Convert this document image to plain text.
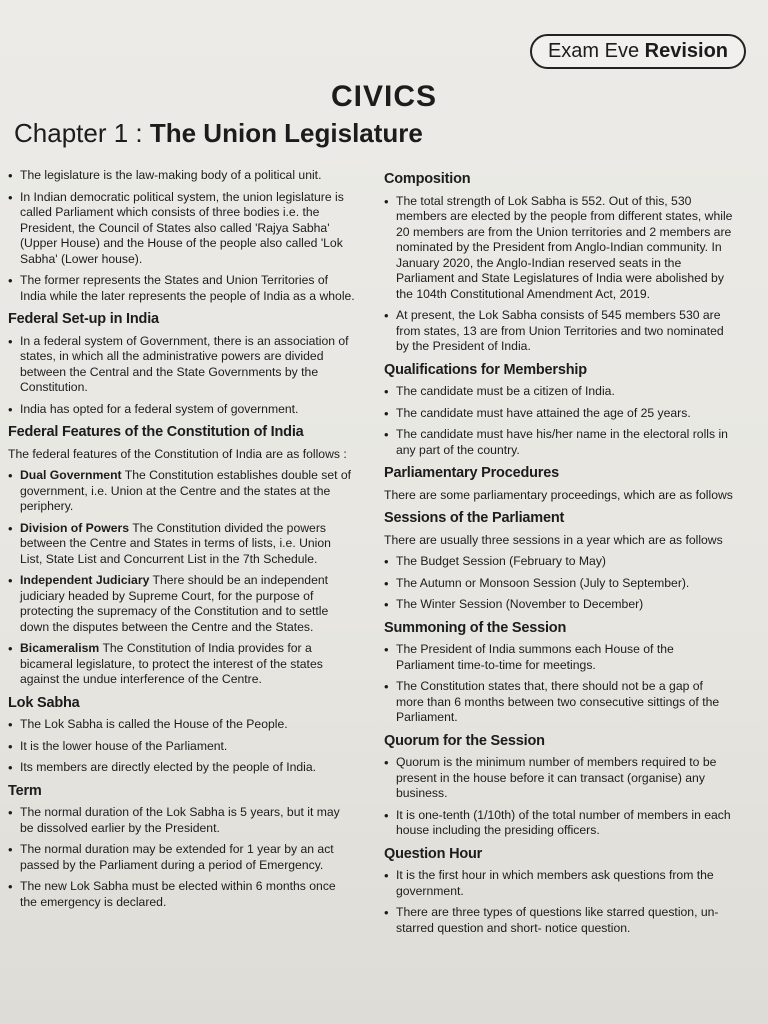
Exam Eve Revision
CIVICS
Chapter 1 : The Union Legislature
• The legislature is the law-making body of a political unit.
• In Indian democratic political system, the union legislature is called Parliament which consists of three bodies i.e. the President, the Council of States also called 'Rajya Sabha' (Upper House) and the House of the people also called 'Lok Sabha' (Lower house).
• The former represents the States and Union Territories of India while the later represents the people of India as a whole.
Federal Set-up in India
• In a federal system of Government, there is an association of states, in which all the administrative powers are divided between the Central and the State Governments by the Constitution.
• India has opted for a federal system of government.
Federal Features of the Constitution of India

The federal features of the Constitution of India are as follows :

• Dual Government The Constitution establishes double set of government, i.e. Union at the Centre and the states at the periphery.
• Division of Powers The Constitution divided the powers between the Centre and States in terms of lists, i.e. Union List, State List and Concurrent List in the 7th Schedule.
• Independent Judiciary There should be an independent judiciary headed by Supreme Court, for the purpose of protecting the supremacy of the Constitution and to settle down the disputes between the Centre and the States.
• Bicameralism The Constitution of India provides for a bicameral legislature, to protect the interest of the states against the undue interference of the Centre.
Lok Sabha
• The Lok Sabha is called the House of the People.
• It is the lower house of the Parliament.
• Its members are directly elected by the people of India.
Term
• The normal duration of the Lok Sabha is 5 years, but it may be dissolved earlier by the President.
• The normal duration may be extended for 1 year by an act passed by the Parliament during a period of Emergency.
• The new Lok Sabha must be elected within 6 months once the emergency is declared.
Composition
• The total strength of Lok Sabha is 552. Out of this, 530 members are elected by the people from different states, while 20 members are from the Union territories and 2 members are nominated by the President from Anglo-Indian community. In January 2020, the Anglo-Indian reserved seats in the Parliament and State Legislatures of India were abolished by the 104th Constitutional Amendment Act, 2019.
• At present, the Lok Sabha consists of 545 members 530 are from states, 13 are from Union Territories and two nominated by the President of India.
Qualifications for Membership
• The candidate must be a citizen of India.
• The candidate must have attained the age of 25 years.
• The candidate must have his/her name in the electoral rolls in any part of the country.
Parliamentary Procedures

There are some parliamentary proceedings, which are as follows

Sessions of the Parliament

There are usually three sessions in a year which are as follows

• The Budget Session (February to May)
• The Autumn or Monsoon Session (July to September).
• The Winter Session (November to December)
Summoning of the Session
• The President of India summons each House of the Parliament time-to-time for meetings.
• The Constitution states that, there should not be a gap of more than 6 months between two consecutive sittings of the Parliament.
Quorum for the Session
• Quorum is the minimum number of members required to be present in the house before it can transact (organise) any business.
• It is one-tenth (1/10th) of the total number of members in each house including the presiding officers.
Question Hour
• It is the first hour in which members ask questions from the government.
• There are three types of questions like starred question, un-starred question and short- notice question.
